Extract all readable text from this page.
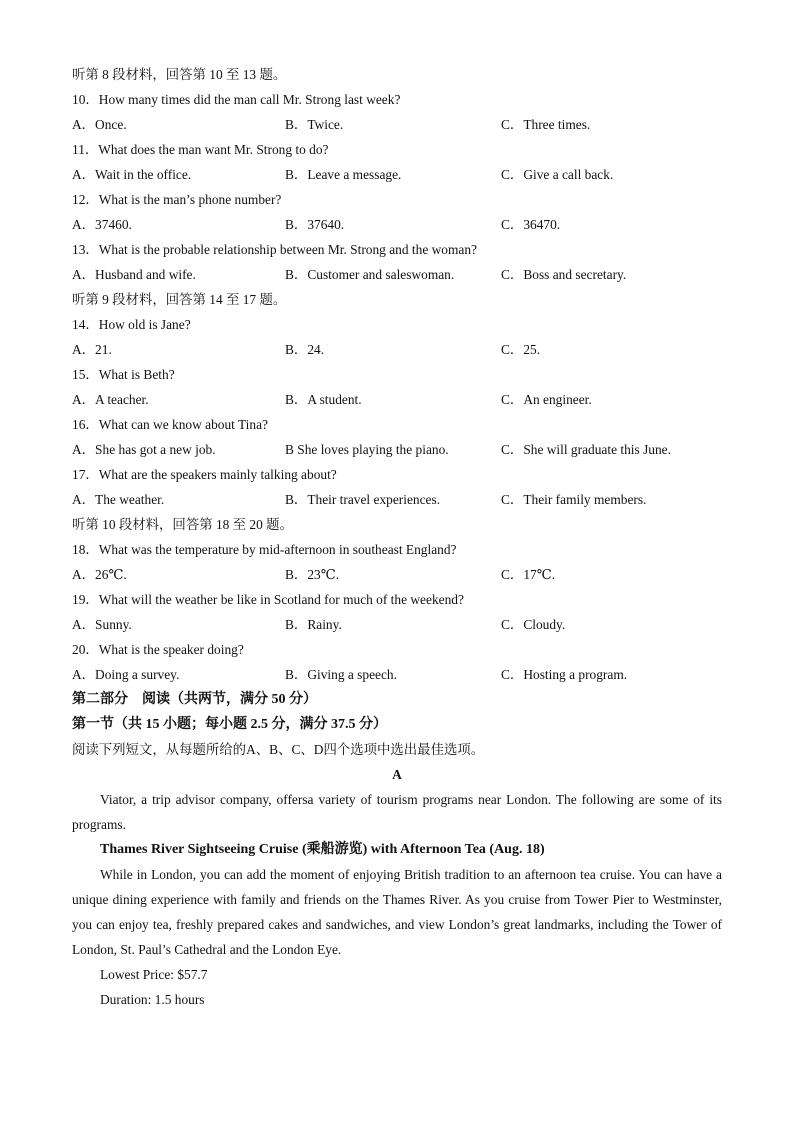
听第 8 段材料，回答第 10 至 13 题。
10．How many times did the man call Mr. Strong last week?
A．Once.	B．Twice.	C．Three times.
11．What does the man want Mr. Strong to do?
A．Wait in the office.	B．Leave a message.	C．Give a call back.
12．What is the man’s phone number?
A．37460.	B．37640.	C．36470.
13．What is the probable relationship between Mr. Strong and the woman?
A．Husband and wife.	B．Customer and saleswoman.	C．Boss and secretary.
听第 9 段材料，回答第 14 至 17 题。
14．How old is Jane?
A．21.	B．24.	C．25.
15．What is Beth?
A．A teacher.	B．A student.	C．An engineer.
16．What can we know about Tina?
A．She has got a new job.	B She loves playing the piano.	C．She will graduate this June.
17．What are the speakers mainly talking about?
A．The weather.	B．Their travel experiences.	C．Their family members.
听第 10 段材料，回答第 18 至 20 题。
18．What was the temperature by mid-afternoon in southeast England?
A．26℃.	B．23℃.	C．17℃.
19．What will the weather be like in Scotland for much of the weekend?
A．Sunny.	B．Rainy.	C．Cloudy.
20．What is the speaker doing?
A．Doing a survey.	B．Giving a speech.	C．Hosting a program.
第二部分　阅读（共两节，满分 50 分）
第一节（共 15 小题；每小题 2.5 分，满分 37.5 分）
阅读下列短文，从每题所给的A、B、C、D四个选项中选出最佳选项。
A
Viator, a trip advisor company, offersa variety of tourism programs near London. The following are some of its programs.
Thames River Sightseeing Cruise (乘船游览) with Afternoon Tea (Aug. 18)
While in London, you can add the moment of enjoying British tradition to an afternoon tea cruise. You can have a unique dining experience with family and friends on the Thames River. As you cruise from Tower Pier to Westminster, you can enjoy tea, freshly prepared cakes and sandwiches, and view London’s great landmarks, including the Tower of London, St. Paul’s Cathedral and the London Eye.
Lowest Price: $57.7
Duration: 1.5 hours
